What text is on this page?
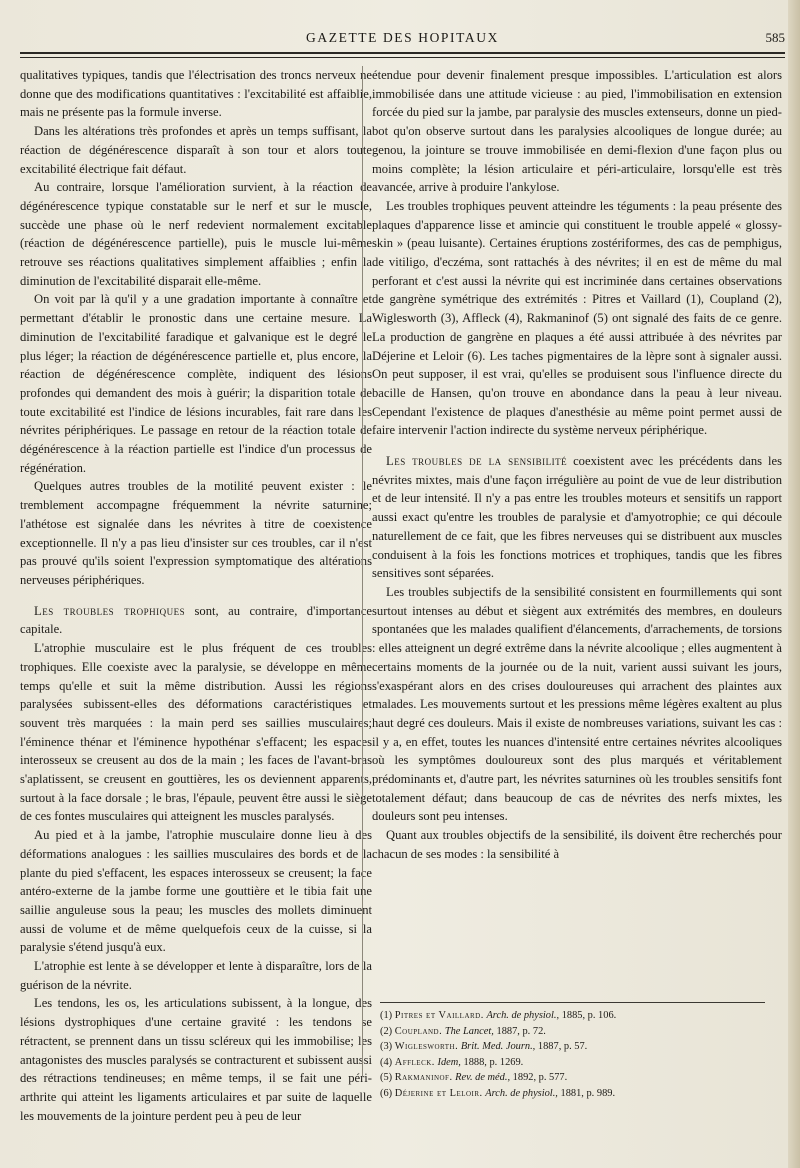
GAZETTE DES HOPITAUX	585

qualitatives typiques, tandis que l'électrisation des troncs nerveux ne donne que des modifications quantitatives : l'excitabilité est affaiblie, mais ne présente pas la formule inverse.

Dans les altérations très profondes et après un temps suffisant, la réaction de dégénérescence disparaît à son tour et alors toute excitabilité électrique fait défaut.

Au contraire, lorsque l'amélioration survient, à la réaction de dégénérescence typique constatable sur le nerf et sur le muscle, succède une phase où le nerf redevient normalement excitable (réaction de dégénérescence partielle), puis le muscle lui-même retrouve ses réactions qualitatives simplement affaiblies ; enfin la diminution de l'excitabilité disparait elle-même.

On voit par là qu'il y a une gradation importante à connaître et permettant d'établir le pronostic dans une certaine mesure. La diminution de l'excitabilité faradique et galvanique est le degré le plus léger; la réaction de dégénérescence partielle et, plus encore, la réaction de dégénérescence complète, indiquent des lésions profondes qui demandent des mois à guérir; la disparition totale de toute excitabilité est l'indice de lésions incurables, fait rare dans les névrites périphériques. Le passage en retour de la réaction totale de dégénérescence à la réaction partielle est l'indice d'un processus de régénération.

Quelques autres troubles de la motilité peuvent exister : le tremblement accompagne fréquemment la névrite saturnine; l'athétose est signalée dans les névrites à titre de coexistence exceptionnelle. Il n'y a pas lieu d'insister sur ces troubles, car il n'est pas prouvé qu'ils soient l'expression symptomatique des altérations nerveuses périphériques.

Les troubles trophiques sont, au contraire, d'importance capitale.

L'atrophie musculaire est le plus fréquent de ces troubles trophiques. Elle coexiste avec la paralysie, se développe en même temps qu'elle et suit la même distribution. Aussi les régions paralysées subissent-elles des déformations caractéristiques et souvent très marquées : la main perd ses saillies musculaires; l'éminence thénar et l'éminence hypothénar s'effacent; les espaces interosseux se creusent au dos de la main ; les faces de l'avant-bras s'aplatissent, se creusent en gouttières, les os deviennent apparents, surtout à la face dorsale ; le bras, l'épaule, peuvent être aussi le siège de ces fontes musculaires qui atteignent les muscles paralysés.

Au pied et à la jambe, l'atrophie musculaire donne lieu à des déformations analogues : les saillies musculaires des bords et de la plante du pied s'effacent, les espaces interosseux se creusent; la face antéro-externe de la jambe forme une gouttière et le tibia fait une saillie anguleuse sous la peau; les muscles des mollets diminuent aussi de volume et de même quelquefois ceux de la cuisse, si la paralysie s'étend jusqu'à eux.

L'atrophie est lente à se développer et lente à disparaître, lors de la guérison de la névrite.

Les tendons, les os, les articulations subissent, à la longue, des lésions dystrophiques d'une certaine gravité : les tendons se rétractent, se prennent dans un tissu scléreux qui les immobilise; les antagonistes des muscles paralysés se contracturent et subissent aussi des rétractions tendineuses; en même temps, il se fait une péri-arthrite qui atteint les ligaments articulaires et par suite de laquelle les mouvements de la jointure perdent peu à peu de leur

étendue pour devenir finalement presque impossibles. L'articulation est alors immobilisée dans une attitude vicieuse : au pied, l'immobilisation en extension forcée du pied sur la jambe, par paralysie des muscles extenseurs, donne un pied-bot qu'on observe surtout dans les paralysies alcooliques de longue durée; au genou, la jointure se trouve immobilisée en demi-flexion d'une façon plus ou moins complète; la lésion articulaire et péri-articulaire, lorsqu'elle est très avancée, arrive à produire l'ankylose.

Les troubles trophiques peuvent atteindre les téguments : la peau présente des plaques d'apparence lisse et amincie qui constituent le trouble appelé « glossy-skin » (peau luisante). Certaines éruptions zostériformes, des cas de pemphigus, de vitiligo, d'eczéma, sont rattachés à des névrites; il en est de même du mal perforant et c'est aussi la névrite qui est incriminée dans certaines observations de gangrène symétrique des extrémités : Pitres et Vaillard (1), Coupland (2), Wiglesworth (3), Affleck (4), Rakmaninof (5) ont signalé des faits de ce genre. La production de gangrène en plaques a été aussi attribuée à des névrites par Déjerine et Leloir (6). Les taches pigmentaires de la lèpre sont à signaler aussi. On peut supposer, il est vrai, qu'elles se produisent sous l'influence directe du bacille de Hansen, qu'on trouve en abondance dans la peau à leur niveau. Cependant l'existence de plaques d'anesthésie au même point permet aussi de faire intervenir l'action indirecte du système nerveux périphérique.

Les troubles de la sensibilité coexistent avec les précédents dans les névrites mixtes, mais d'une façon irrégulière au point de vue de leur distribution et de leur intensité. Il n'y a pas entre les troubles moteurs et sensitifs un rapport aussi exact qu'entre les troubles de paralysie et d'amyotrophie; ce qui découle naturellement de ce fait, que les fibres nerveuses qui se distribuent aux muscles conduisent à la fois les fonctions motrices et trophiques, tandis que les fibres sensitives sont séparées.

Les troubles subjectifs de la sensibilité consistent en fourmillements qui sont surtout intenses au début et siègent aux extrémités des membres, en douleurs spontanées que les malades qualifient d'élancements, d'arrachements, de torsions : elles atteignent un degré extrême dans la névrite alcoolique ; elles augmentent à certains moments de la journée ou de la nuit, varient aussi suivant les jours, s'exaspérant alors en des crises douloureuses qui arrachent des plaintes aux malades. Les mouvements surtout et les pressions même légères exaltent au plus haut degré ces douleurs. Mais il existe de nombreuses variations, suivant les cas : il y a, en effet, toutes les nuances d'intensité entre certaines névrites alcooliques où les symptômes douloureux sont des plus marqués et véritablement prédominants et, d'autre part, les névrites saturnines où les troubles sensitifs font totalement défaut; dans beaucoup de cas de névrites des nerfs mixtes, les douleurs sont peu intenses.

Quant aux troubles objectifs de la sensibilité, ils doivent être recherchés pour chacun de ses modes : la sensibilité à

(1) Pitres et Vaillard. Arch. de physiol., 1885, p. 106.
(2) Coupland. The Lancet, 1887, p. 72.
(3) Wiglesworth. Brit. Med. Journ., 1887, p. 57.
(4) Affleck. Idem, 1888, p. 1269.
(5) Rakmaninof. Rev. de méd., 1892, p. 577.
(6) Déjerine et Leloir. Arch. de physiol., 1881, p. 989.
